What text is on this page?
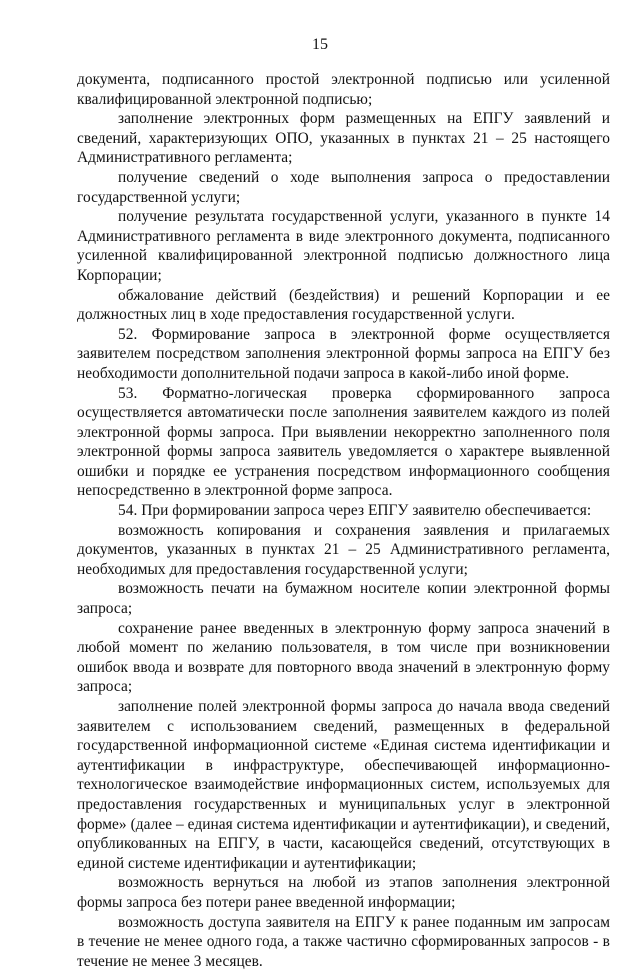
15

документа, подписанного простой электронной подписью или усиленной квалифицированной электронной подписью;

заполнение электронных форм размещенных на ЕПГУ заявлений и сведений, характеризующих ОПО, указанных в пунктах 21 – 25 настоящего Административного регламента;

получение сведений о ходе выполнения запроса о предоставлении государственной услуги;

получение результата государственной услуги, указанного в пункте 14 Административного регламента в виде электронного документа, подписанного усиленной квалифицированной электронной подписью должностного лица Корпорации;

обжалование действий (бездействия) и решений Корпорации и ее должностных лиц в ходе предоставления государственной услуги.

52. Формирование запроса в электронной форме осуществляется заявителем посредством заполнения электронной формы запроса на ЕПГУ без необходимости дополнительной подачи запроса в какой-либо иной форме.

53. Форматно-логическая проверка сформированного запроса осуществляется автоматически после заполнения заявителем каждого из полей электронной формы запроса. При выявлении некорректно заполненного поля электронной формы запроса заявитель уведомляется о характере выявленной ошибки и порядке ее устранения посредством информационного сообщения непосредственно в электронной форме запроса.

54. При формировании запроса через ЕПГУ заявителю обеспечивается:

возможность копирования и сохранения заявления и прилагаемых документов, указанных в пунктах 21 – 25 Административного регламента, необходимых для предоставления государственной услуги;

возможность печати на бумажном носителе копии электронной формы запроса;

сохранение ранее введенных в электронную форму запроса значений в любой момент по желанию пользователя, в том числе при возникновении ошибок ввода и возврате для повторного ввода значений в электронную форму запроса;

заполнение полей электронной формы запроса до начала ввода сведений заявителем с использованием сведений, размещенных в федеральной государственной информационной системе «Единая система идентификации и аутентификации в инфраструктуре, обеспечивающей информационно-технологическое взаимодействие информационных систем, используемых для предоставления государственных и муниципальных услуг в электронной форме» (далее – единая система идентификации и аутентификации), и сведений, опубликованных на ЕПГУ, в части, касающейся сведений, отсутствующих в единой системе идентификации и аутентификации;

возможность вернуться на любой из этапов заполнения электронной формы запроса без потери ранее введенной информации;

возможность доступа заявителя на ЕПГУ к ранее поданным им запросам в течение не менее одного года, а также частично сформированных запросов - в течение не менее 3 месяцев.
